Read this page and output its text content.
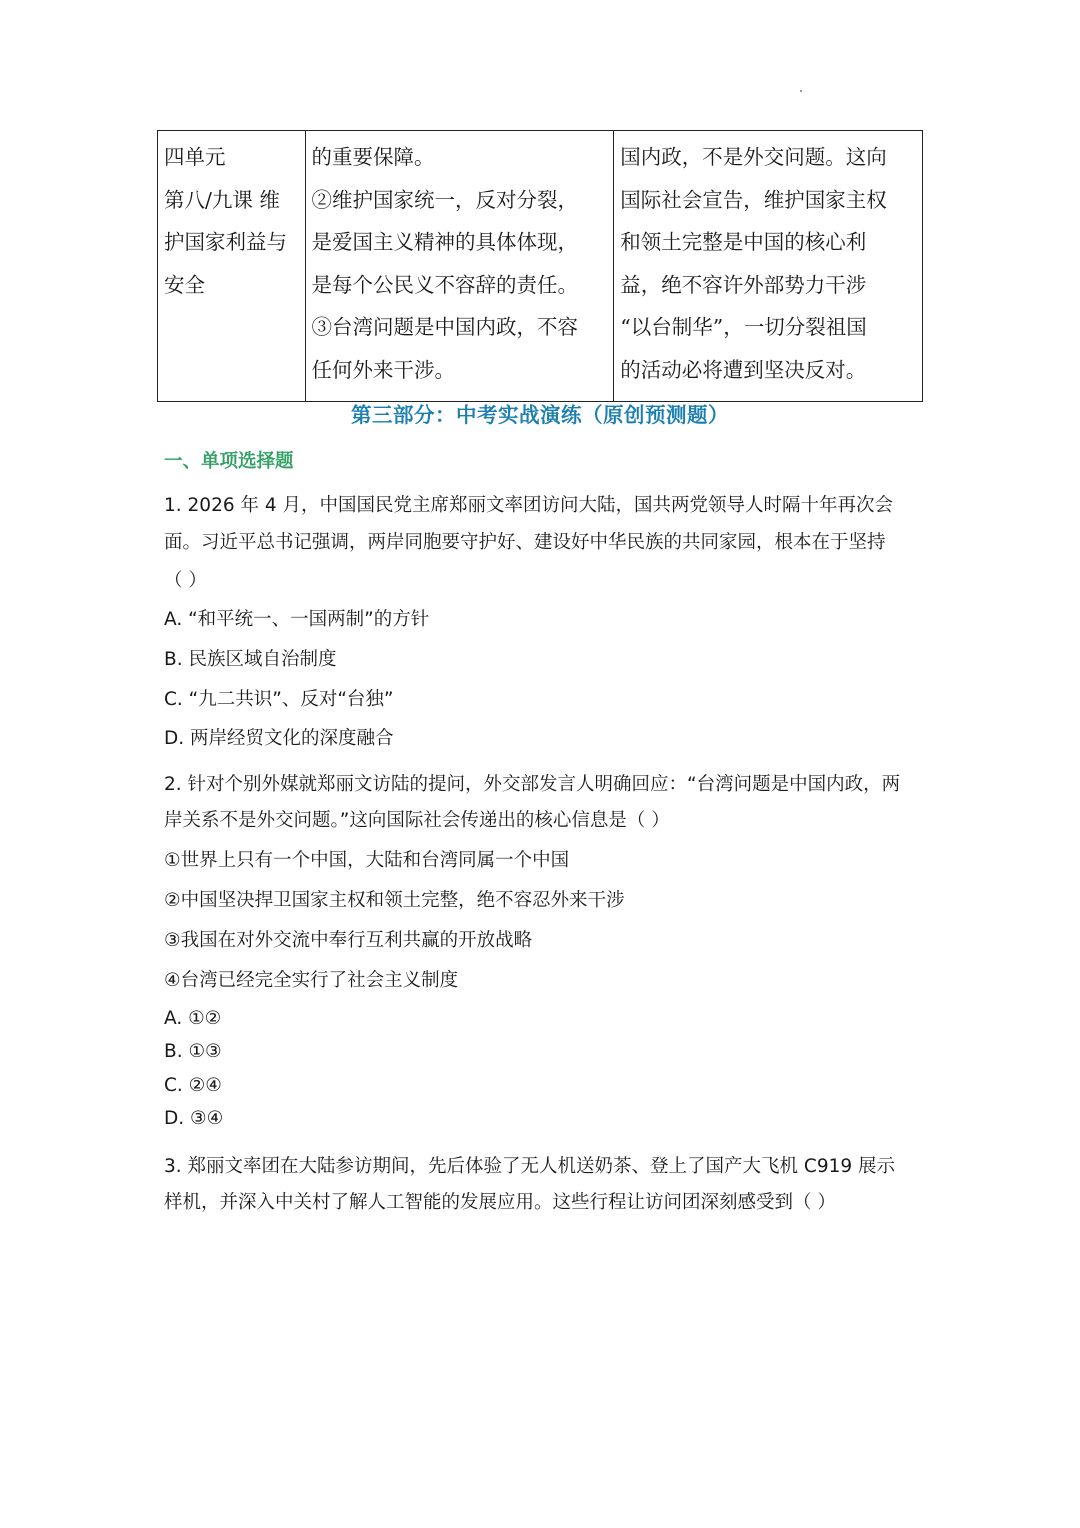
四单元
第八/九课 维
护国家利益与
安全

的重要保障。
②维护国家统一，反对分裂，
是爱国主义精神的具体体现，
是每个公民义不容辞的责任。
③台湾问题是中国内政，不容
任何外来干涉。

国内政，不是外交问题。这向
国际社会宣告，维护国家主权
和领土完整是中国的核心利
益，绝不容许外部势力干涉
“以台制华”，一切分裂祖国
的活动必将遭到坚决反对。
第三部分：中考实战演练（原创预测题）
一、单项选择题
1. 2026 年 4 月，中国国民党主席郑丽文率团访问大陆，国共两党领导人时隔十年再次会
面。习近平总书记强调，两岸同胞要守护好、建设好中华民族的共同家园，根本在于坚持
（ ）
A. “和平统一、一国两制”的方针
B. 民族区域自治制度
C. “九二共识”、反对“台独”
D. 两岸经贸文化的深度融合
2. 针对个别外媒就郑丽文访陆的提问，外交部发言人明确回应：“台湾问题是中国内政，两
岸关系不是外交问题。”这向国际社会传递出的核心信息是（ ）
①世界上只有一个中国，大陆和台湾同属一个中国
②中国坚决捍卫国家主权和领土完整，绝不容忍外来干涉
③我国在对外交流中奉行互利共赢的开放战略
④台湾已经完全实行了社会主义制度
A. ①②
B. ①③
C. ②④
D. ③④
3. 郑丽文率团在大陆参访期间，先后体验了无人机送奶茶、登上了国产大飞机 C919 展示
样机，并深入中关村了解人工智能的发展应用。这些行程让访问团深刻感受到（ ）
